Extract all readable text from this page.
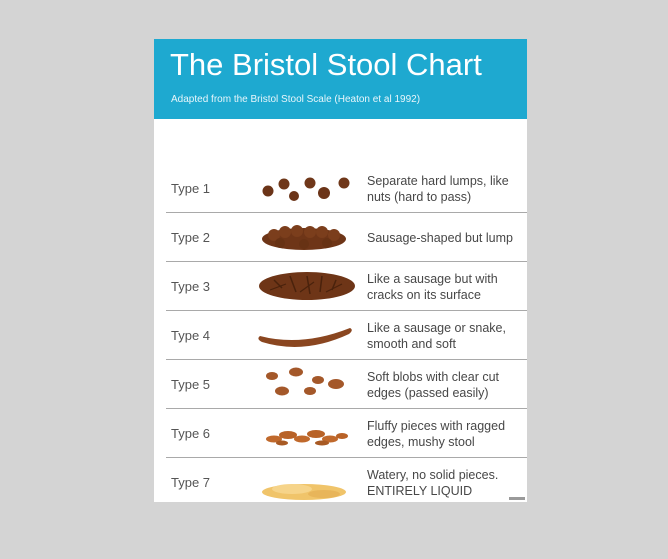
The Bristol Stool Chart
Adapted from the Bristol Stool Scale (Heaton et al 1992)
Type 1	Separate hard lumps, like
nuts (hard to pass)
Type 2	Sausage-shaped but lump
Type 3	Like a sausage but with
cracks on its surface
Type 4	Like a sausage or snake,
smooth and soft
Type 5	Soft blobs with clear cut
edges (passed easily)
Type 6	Fluffy pieces with ragged
edges, mushy stool
Type 7	Watery, no solid pieces.
ENTIRELY LIQUID
